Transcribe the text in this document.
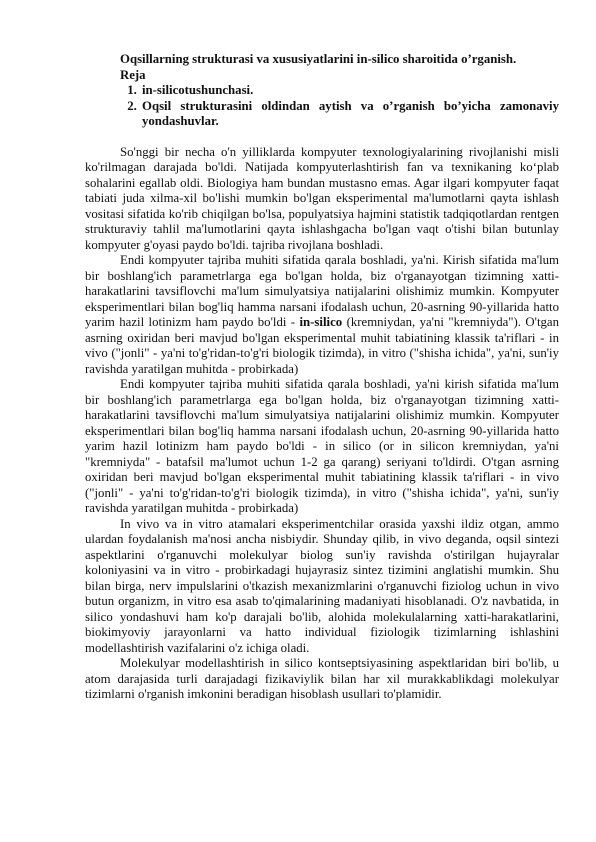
Oqsillarning strukturasi va xususiyatlarini in-silico sharoitida o’rganish.

Reja

1. in-silicotushunchasi.
2. Oqsil strukturasini oldindan aytish va o’rganish bo’yicha zamonaviy yondashuvlar.

So'nggi bir necha o'n yilliklarda kompyuter texnologiyalarining rivojlanishi misli ko'rilmagan darajada bo'ldi. Natijada kompyuterlashtirish fan va texnikaning ko‘plab sohalarini egallab oldi. Biologiya ham bundan mustasno emas. Agar ilgari kompyuter faqat tabiati juda xilma-xil bo'lishi mumkin bo'lgan eksperimental ma'lumotlarni qayta ishlash vositasi sifatida ko'rib chiqilgan bo'lsa, populyatsiya hajmini statistik tadqiqotlardan rentgen strukturaviy tahlil ma'lumotlarini qayta ishlashgacha bo'lgan vaqt o'tishi bilan butunlay kompyuter g'oyasi paydo bo'ldi. tajriba rivojlana boshladi.

Endi kompyuter tajriba muhiti sifatida qarala boshladi, ya'ni. Kirish sifatida ma'lum bir boshlang'ich parametrlarga ega bo'lgan holda, biz o'rganayotgan tizimning xatti-harakatlarini tavsiflovchi ma'lum simulyatsiya natijalarini olishimiz mumkin. Kompyuter eksperimentlari bilan bog'liq hamma narsani ifodalash uchun, 20-asrning 90-yillarida hatto yarim hazil lotinizm ham paydo bo'ldi - in-silico (kremniydan, ya'ni "kremniyda"). O'tgan asrning oxiridan beri mavjud bo'lgan eksperimental muhit tabiatining klassik ta'riflari - in vivo ("jonli" - ya'ni to'g'ridan-to'g'ri biologik tizimda), in vitro ("shisha ichida", ya'ni, sun'iy ravishda yaratilgan muhitda - probirkada)

Endi kompyuter tajriba muhiti sifatida qarala boshladi, ya'ni kirish sifatida ma'lum bir boshlang'ich parametrlarga ega bo'lgan holda, biz o'rganayotgan tizimning xatti-harakatlarini tavsiflovchi ma'lum simulyatsiya natijalarini olishimiz mumkin. Kompyuter eksperimentlari bilan bog'liq hamma narsani ifodalash uchun, 20-asrning 90-yillarida hatto yarim hazil lotinizm ham paydo bo'ldi - in silico (or in silicon kremniydan, ya'ni "kremniyda" - batafsil ma'lumot uchun 1-2 ga qarang) seriyani to'ldirdi. O'tgan asrning oxiridan beri mavjud bo'lgan eksperimental muhit tabiatining klassik ta'riflari - in vivo ("jonli" - ya'ni to'g'ridan-to'g'ri biologik tizimda), in vitro ("shisha ichida", ya'ni, sun'iy ravishda yaratilgan muhitda - probirkada)

In vivo va in vitro atamalari eksperimentchilar orasida yaxshi ildiz otgan, ammo ulardan foydalanish ma'nosi ancha nisbiydir. Shunday qilib, in vivo deganda, oqsil sintezi aspektlarini o'rganuvchi molekulyar biolog sun'iy ravishda o'stirilgan hujayralar koloniyasini va in vitro - probirkadagi hujayrasiz sintez tizimini anglatishi mumkin. Shu bilan birga, nerv impulslarini o'tkazish mexanizmlarini o'rganuvchi fiziolog uchun in vivo butun organizm, in vitro esa asab to'qimalarining madaniyati hisoblanadi. O'z navbatida, in silico yondashuvi ham ko'p darajali bo'lib, alohida molekulalarning xatti-harakatlarini, biokimyoviy jarayonlarni va hatto individual fiziologik tizimlarning ishlashini modellashtirish vazifalarini o'z ichiga oladi.

Molekulyar modellashtirish in silico kontseptsiyasining aspektlaridan biri bo'lib, u atom darajasida turli darajadagi fizikaviylik bilan har xil murakkablikdagi molekulyar tizimlarni o'rganish imkonini beradigan hisoblash usullari to'plamidir.
